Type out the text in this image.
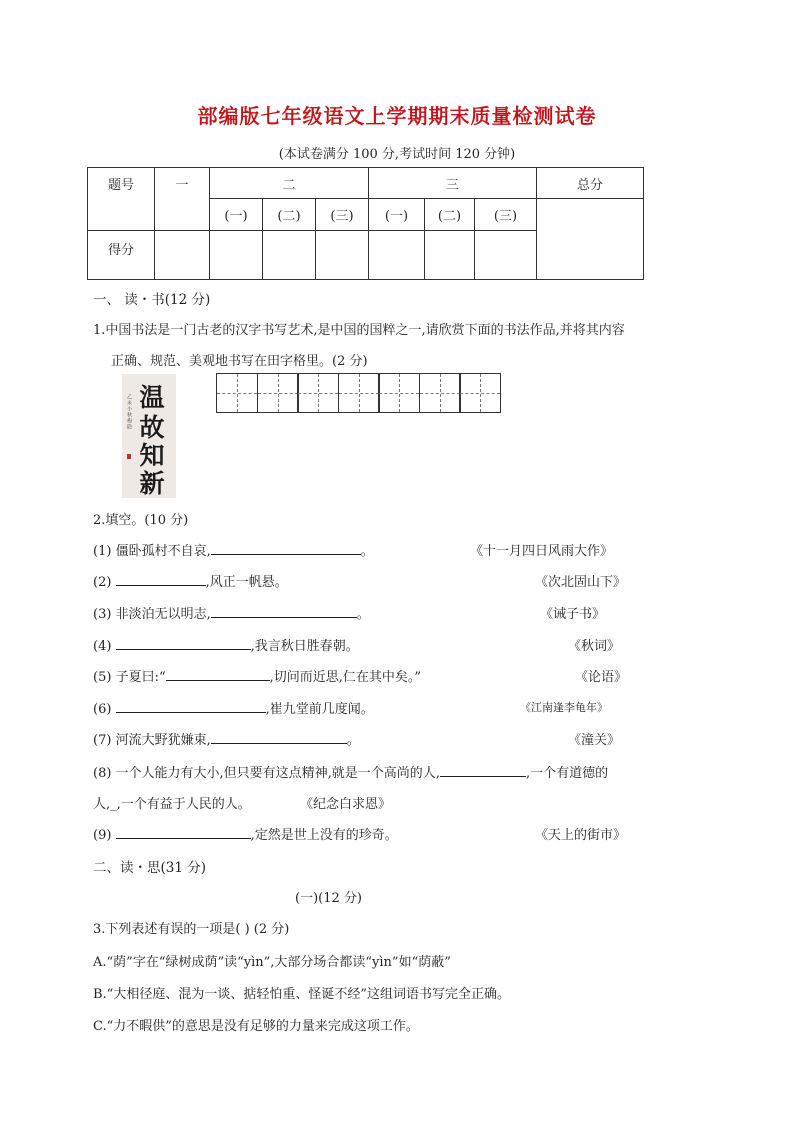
部编版七年级语文上学期期末质量检测试卷
(本试卷满分 100 分,考试时间 120 分钟)
题号	一	二			三			总分
		(一)	(二)	(三)	(一)	(二)	(三)	
得分								
一、 读・书(12 分)
1.中国书法是一门古老的汉字书写艺术,是中国的国粹之一,请欣赏下面的书法作品,并将其内容
正确、规范、美观地书写在田字格里。(2 分)
温
故
知
新
乙未小秋梅隐
2.填空。(10 分)
(1) 僵卧孤村不自哀,	。	《十一月四日风雨大作》
(2)	,风正一帆悬。	《次北固山下》
(3) 非淡泊无以明志,	。	《诫子书》
(4)	,我言秋日胜春朝。	《秋词》
(5) 子夏曰:“	,切问而近思,仁在其中矣。”	《论语》
(6)	,崔九堂前几度闻。	《江南逢李龟年》
(7) 河流大野犹嫌束,	。	《潼关》
(8) 一个人能力有大小,但只要有这点精神,就是一个高尚的人,	,一个有道德的
人,_,一个有益于人民的人。	《纪念白求恩》
(9)	,定然是世上没有的珍奇。	《天上的街市》
二、读・思(31 分)
(一)(12 分)
3.下列表述有误的一项是( ) (2 分)
A.“荫”字在“绿树成荫”读“yìn”,大部分场合都读“yìn”如“荫蔽”
B.“大相径庭、混为一谈、掂轻怕重、怪诞不经”这组词语书写完全正确。
C.“力不暇供”的意思是没有足够的力量来完成这项工作。
